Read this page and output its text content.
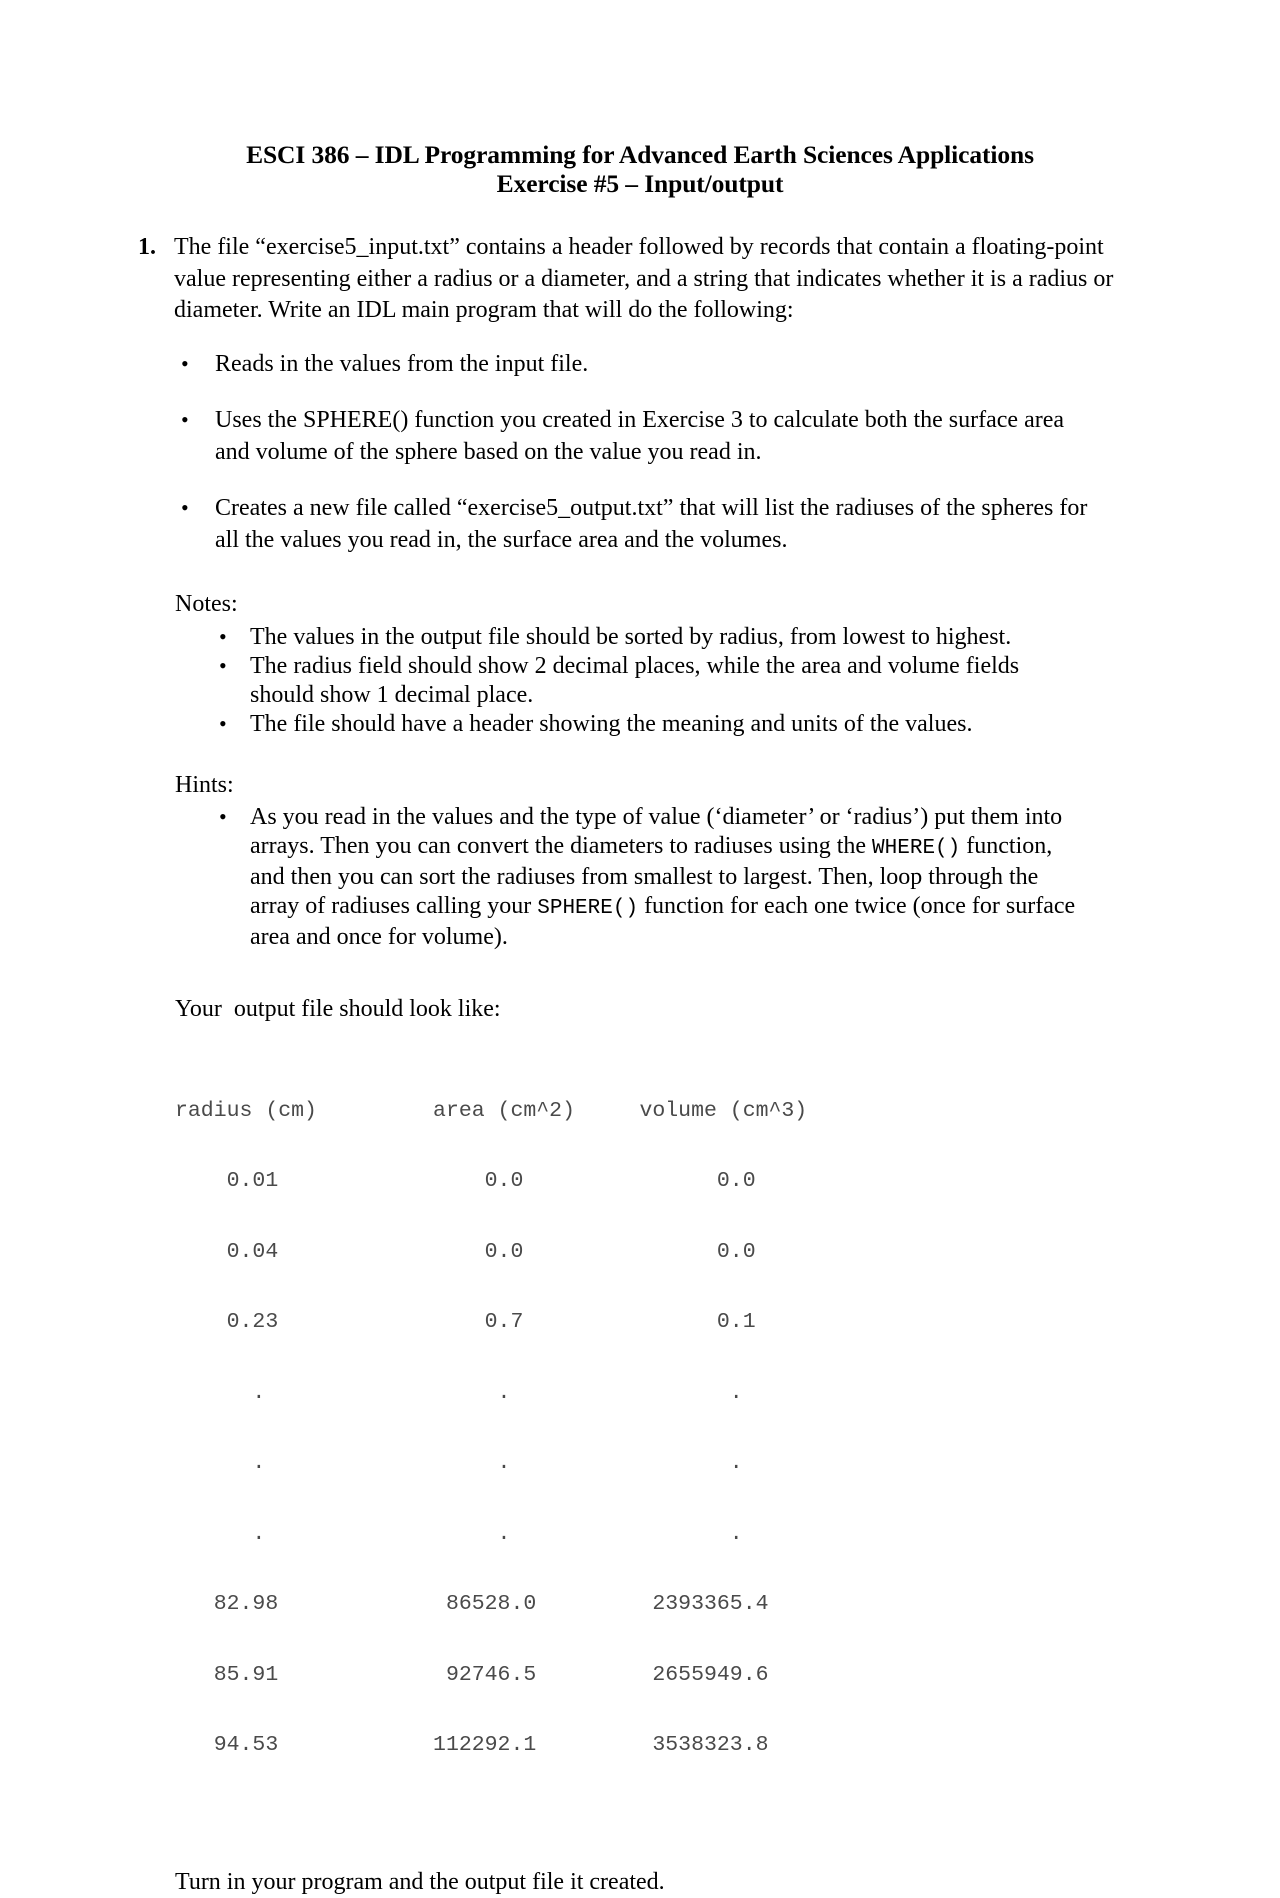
ESCI 386 – IDL Programming for Advanced Earth Sciences Applications
Exercise #5 – Input/output
1. The file “exercise5_input.txt” contains a header followed by records that contain a floating-point value representing either a radius or a diameter, and a string that indicates whether it is a radius or diameter. Write an IDL main program that will do the following:
• Reads in the values from the input file.
• Uses the SPHERE() function you created in Exercise 3 to calculate both the surface area and volume of the sphere based on the value you read in.
• Creates a new file called “exercise5_output.txt” that will list the radiuses of the spheres for all the values you read in, the surface area and the volumes.
Notes:
• The values in the output file should be sorted by radius, from lowest to highest.
• The radius field should show 2 decimal places, while the area and volume fields should show 1 decimal place.
• The file should have a header showing the meaning and units of the values.
Hints:
• As you read in the values and the type of value (‘diameter’ or ‘radius’) put them into arrays. Then you can convert the diameters to radiuses using the WHERE() function, and then you can sort the radiuses from smallest to largest. Then, loop through the array of radiuses calling your SPHERE() function for each one twice (once for surface area and once for volume).
Your  output file should look like:

radius (cm)         area (cm^2)     volume (cm^3)

0.01                0.0               0.0

0.04                0.0               0.0

0.23                0.7               0.1

.                  .                 .

.                  .                 .

.                  .                 .

82.98             86528.0         2393365.4

85.91             92746.5         2655949.6

94.53            112292.1         3538323.8

Turn in your program and the output file it created.
